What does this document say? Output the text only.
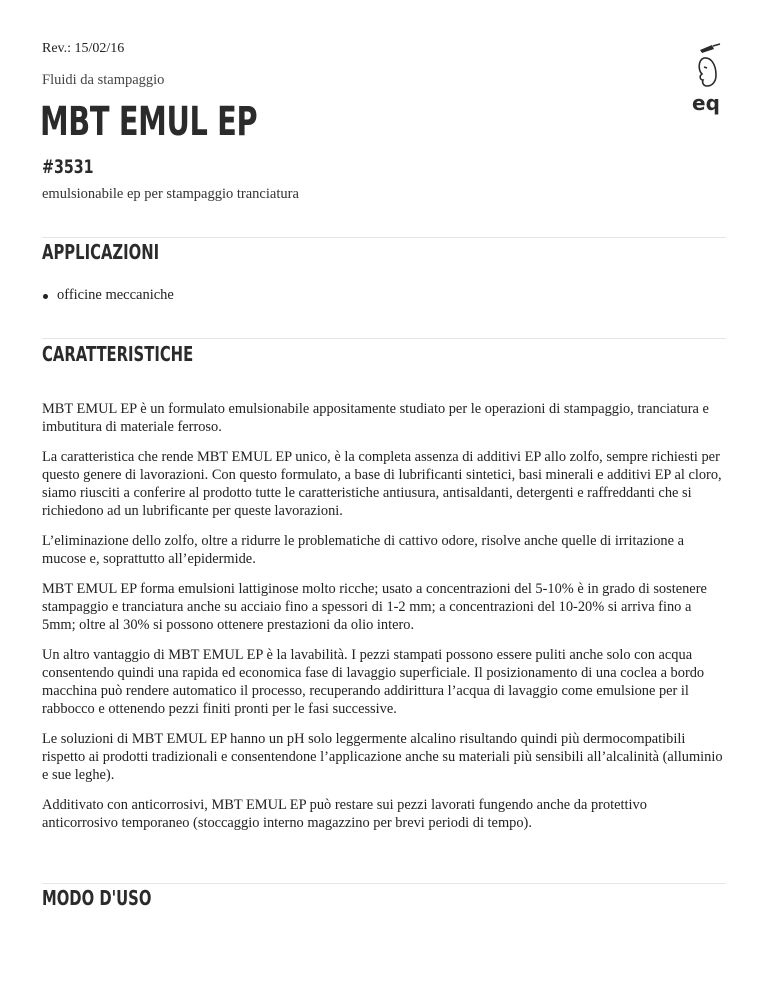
Rev.: 15/02/16
Fluidi da stampaggio
MBT EMUL EP
#3531
emulsionabile ep per stampaggio tranciatura
eq
APPLICAZIONI
officine meccaniche
CARATTERISTICHE

MBT EMUL EP è un formulato emulsionabile appositamente studiato per le operazioni di stampaggio, tranciatura e imbutitura di materiale ferroso.

La caratteristica che rende MBT EMUL EP unico, è la completa assenza di additivi EP allo zolfo, sempre richiesti per questo genere di lavorazioni. Con questo formulato, a base di lubrificanti sintetici, basi minerali e additivi EP al cloro, siamo riusciti a conferire al prodotto tutte le caratteristiche antiusura, antisaldanti, detergenti e raffreddanti che si richiedono ad un lubrificante per queste lavorazioni.

L’eliminazione dello zolfo, oltre a ridurre le problematiche di cattivo odore, risolve anche quelle di irritazione a mucose e, soprattutto all’epidermide.

MBT EMUL EP forma emulsioni lattiginose molto ricche; usato a concentrazioni del 5-10% è in grado di sostenere stampaggio e tranciatura anche su acciaio fino a spessori di 1-2 mm; a concentrazioni del 10-20% si arriva fino a 5mm; oltre al 30% si possono ottenere prestazioni da olio intero.

Un altro vantaggio di MBT EMUL EP è la lavabilità. I pezzi stampati possono essere puliti anche solo con acqua consentendo quindi una rapida ed economica fase di lavaggio superficiale. Il posizionamento di una coclea a bordo macchina può rendere automatico il processo, recuperando addirittura l’acqua di lavaggio come emulsione per il rabbocco e ottenendo pezzi finiti pronti per le fasi successive.

Le soluzioni di MBT EMUL EP hanno un pH solo leggermente alcalino risultando quindi più dermocompatibili rispetto ai prodotti tradizionali e consentendone l’applicazione anche su materiali più sensibili all’alcalinità (alluminio e sue leghe).

Additivato con anticorrosivi, MBT EMUL EP può restare sui pezzi lavorati fungendo anche da protettivo anticorrosivo temporaneo (stoccaggio interno magazzino per brevi periodi di tempo).

MODO D'USO
